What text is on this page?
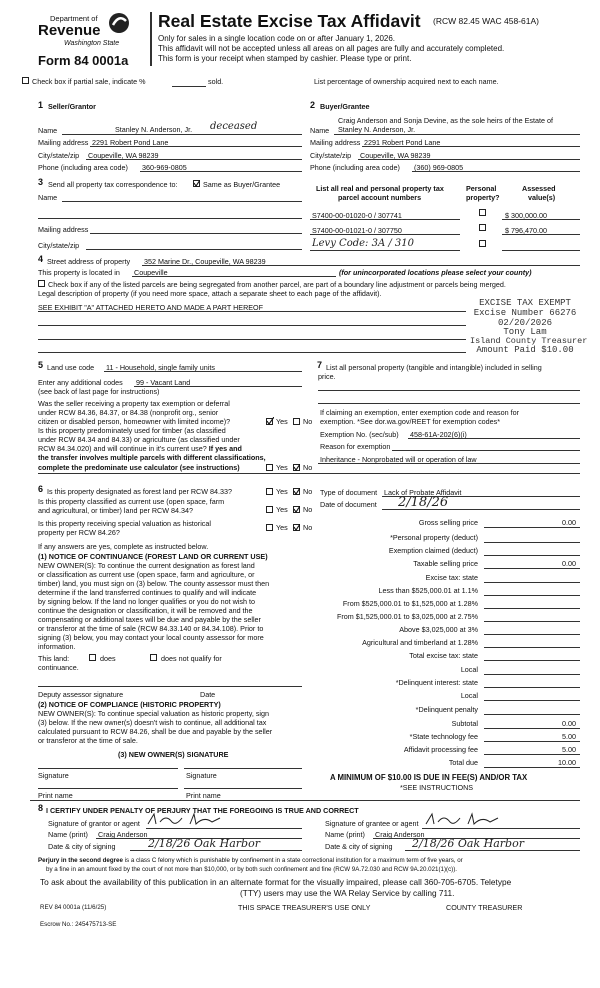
Department of
Revenue
Washington State
Form 84 0001a
Real Estate Excise Tax Affidavit (RCW 82.45 WAC 458-61A)
Only for sales in a single location code on or after January 1, 2026.
This affidavit will not be accepted unless all areas on all pages are fully and accurately completed.
This form is your receipt when stamped by cashier. Please type or print.
Check box if partial sale, indicate %	sold.	List percentage of ownership acquired next to each name.
1 Seller/Grantor
Name	Stanley N. Anderson, Jr. deceased
Mailing address 2291 Robert Pond Lane
City/state/zip Coupeville, WA 98239
Phone (including area code) 360-969-0805
2 Buyer/Grantee
Craig Anderson and Sonja Devine, as the sole heirs of the Estate of
Name Stanley N. Anderson, Jr.
Mailing address 2291 Robert Pond Lane
City/state/zip Coupeville, WA 98239
Phone (including area code) (360) 969-0805
3 Send all property tax correspondence to:	Same as Buyer/Grantee
Name
Mailing address
City/state/zip
List all real and personal property tax
parcel account numbers
Personal
property?
Assessed
value(s)
S7400-00-01020-0 / 307741	$ 300,000.00
S7400-00-01021-0 / 307750	$ 796,470.00
Levy Code: 3A / 310
4 Street address of property 352 Marine Dr., Coupeville, WA 98239
This property is located in Coupeville	(for unincorporated locations please select your county)
Check box if any of the listed parcels are being segregated from another parcel, are part of a boundary line adjustment or parcels being merged.
Legal description of property (if you need more space, attach a separate sheet to each page of the affidavit).
SEE EXHIBIT "A" ATTACHED HERETO AND MADE A PART HEREOF	EXCISE TAX EXEMPT
Excise Number 66276
02/20/2026
Tony Lam
Island County Treasurer
Amount Paid $10.00
5 Land use code 11 - Household, single family units
Enter any additional codes 99 - Vacant Land
(see back of last page for instructions)
Was the seller receiving a property tax exemption or deferral
under RCW 84.36, 84.37, or 84.38 (nonprofit org., senior
citizen or disabled person, homeowner with limited income)?	Yes No
Is this property predominately used for timber (as classified
under RCW 84.34 and 84.33) or agriculture (as classified under
RCW 84.34.020) and will continue in it's current use? If yes and
the transfer involves multiple parcels with different classifications,
complete the predominate use calculator (see instructions)	Yes No
7 List all personal property (tangible and intangible) included in selling
price.
If claiming an exemption, enter exemption code and reason for
exemption. *See dor.wa.gov/REET for exemption codes*
Exemption No. (sec/sub) 458-61A-202(6)(i)
Reason for exemption
Inheritance - Nonprobated will or operation of law
Type of document Lack of Probate Affidavit
Date of document 2/18/26
6 Is this property designated as forest land per RCW 84.33?	Yes No
Is this property classified as current use (open space, farm
and agricultural, or timber) land per RCW 84.34?	Yes No
Is this property receiving special valuation as historical
property per RCW 84.26?
Yes No
If any answers are yes, complete as instructed below.
(1) NOTICE OF CONTINUANCE (FOREST LAND OR CURRENT USE)
NEW OWNER(S): To continue the current designation as forest land
or classification as current use (open space, farm and agriculture, or
timber) land, you must sign on (3) below. The county assessor must then
determine if the land transferred continues to qualify and will indicate
by signing below. If the land no longer qualifies or you do not wish to
continue the designation or classification, it will be removed and the
compensating or additional taxes will be due and payable by the seller
or transferor at the time of sale (RCW 84.33.140 or 84.34.108). Prior to
signing (3) below, you may contact your local county assessor for more
information.
This land:	does	does not qualify for
continuance.
Deputy assessor signature	Date
(2) NOTICE OF COMPLIANCE (HISTORIC PROPERTY)
NEW OWNER(S): To continue special valuation as historic property, sign
(3) below. If the new owner(s) doesn't wish to continue, all additional tax
calculated pursuant to RCW 84.26, shall be due and payable by the seller
or transferor at the time of sale.
(3) NEW OWNER(S) SIGNATURE
Signature	Signature
Print name	Print name
Gross selling price	0.00
*Personal property (deduct)
Exemption claimed (deduct)
Taxable selling price	0.00
Excise tax: state
Less than $525,000.01 at 1.1%
From $525,000.01 to $1,525,000 at 1.28%
From $1,525,000.01 to $3,025,000 at 2.75%
Above $3,025,000 at 3%
Agricultural and timberland at 1.28%
Total excise tax: state
Local
*Delinquent interest: state
Local
*Delinquent penalty
Subtotal	0.00
*State technology fee	5.00
Affidavit processing fee	5.00
Total due	10.00
A MINIMUM OF $10.00 IS DUE IN FEE(S) AND/OR TAX
*SEE INSTRUCTIONS
8 I CERTIFY UNDER PENALTY OF PERJURY THAT THE FOREGOING IS TRUE AND CORRECT
Signature of grantor or agent
Name (print) Craig Anderson
Date & city of signing	2/18/26 Oak Harbor
Signature of grantee or agent
Name (print) Craig Anderson
Date & city of signing 2/18/26 Oak Harbor
Perjury in the second degree is a class C felony which is punishable by confinement in a state correctional institution for a maximum term of five years, or
by a fine in an amount fixed by the court of not more than $10,000, or by both such confinement and fine (RCW 9A.72.030 and RCW 9A.20.021(1)(c)).
To ask about the availability of this publication in an alternate format for the visually impaired, please call 360-705-6705. Teletype
(TTY) users may use the WA Relay Service by calling 711.
REV 84 0001a (11/6/25)	THIS SPACE TREASURER'S USE ONLY	COUNTY TREASURER
Escrow No.: 245475713-SE
